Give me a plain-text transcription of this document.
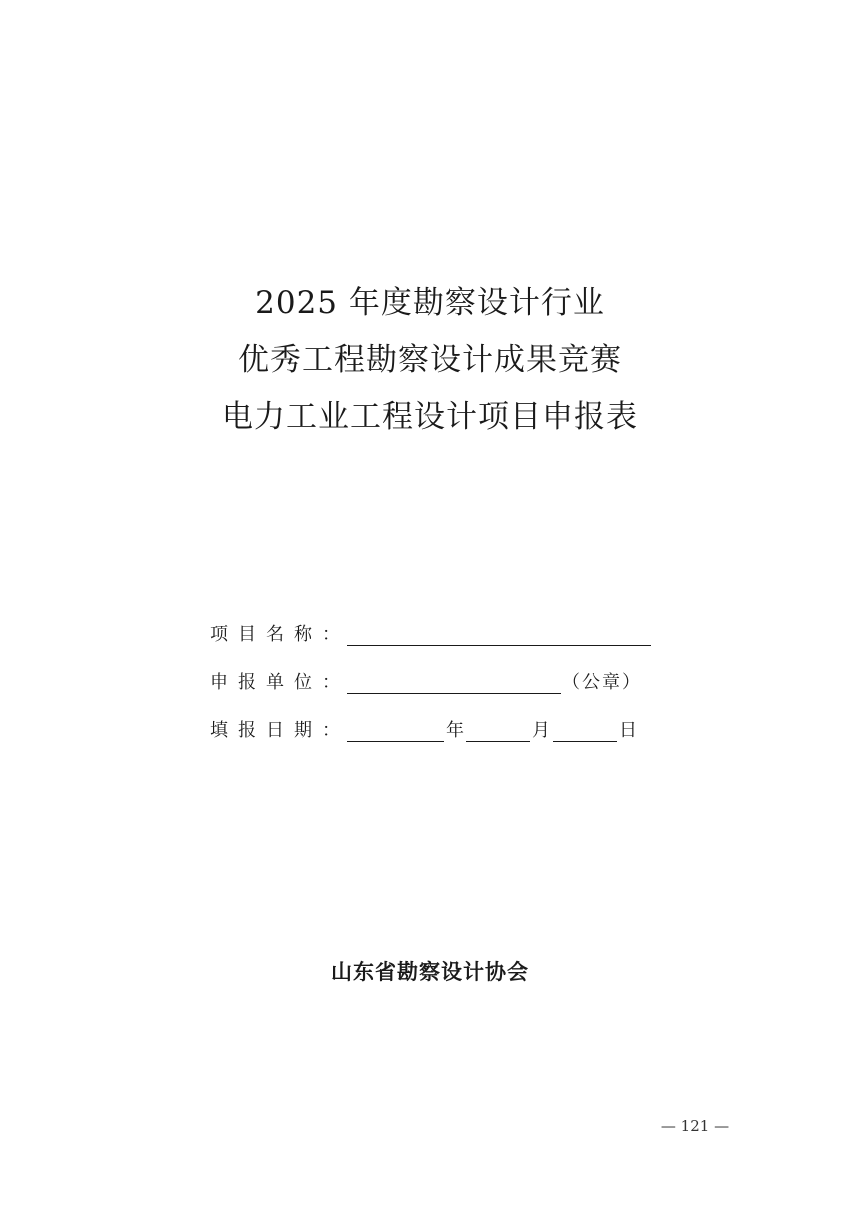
2025 年度勘察设计行业
优秀工程勘察设计成果竞赛
电力工业工程设计项目申报表
项目名称：
申报单位：	（公章）
填报日期：	年	月	日
山东省勘察设计协会
— 121 —
